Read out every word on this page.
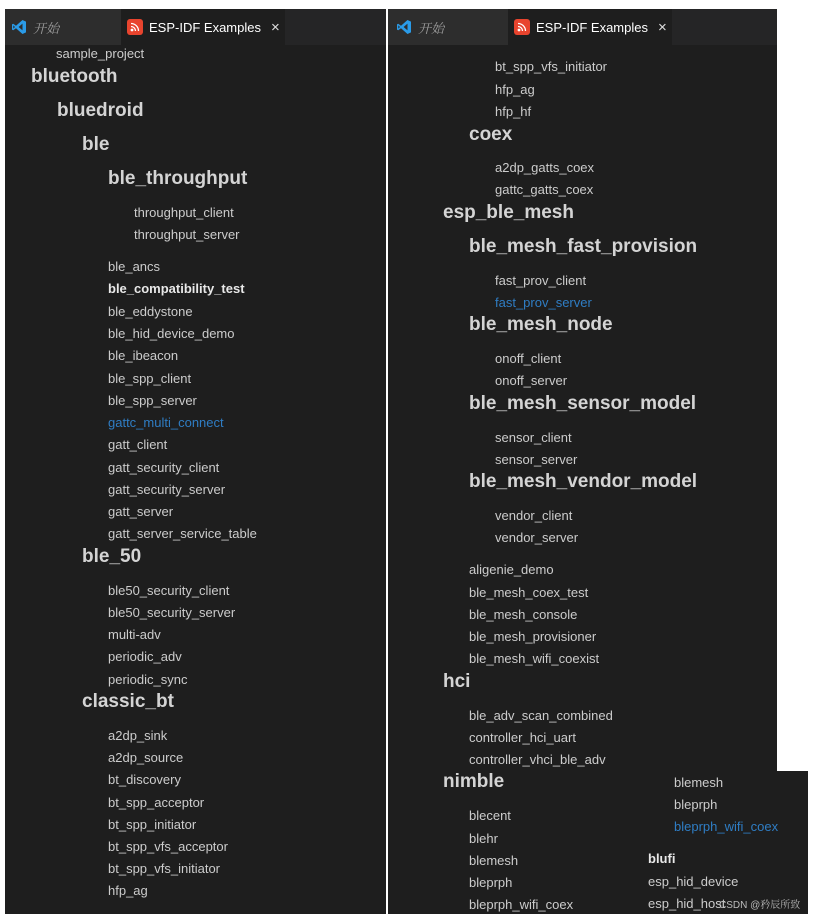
开始	ESP-IDF Examples ×
sample_project
bluetooth
bluedroid
ble
ble_throughput
throughput_client
throughput_server
ble_ancs
ble_compatibility_test
ble_eddystone
ble_hid_device_demo
ble_ibeacon
ble_spp_client
ble_spp_server
gattc_multi_connect
gatt_client
gatt_security_client
gatt_security_server
gatt_server
gatt_server_service_table
ble_50
ble50_security_client
ble50_security_server
multi-adv
periodic_adv
periodic_sync
classic_bt
a2dp_sink
a2dp_source
bt_discovery
bt_spp_acceptor
bt_spp_initiator
bt_spp_vfs_acceptor
bt_spp_vfs_initiator
hfp_ag
开始	ESP-IDF Examples ×
bt_spp_vfs_initiator
hfp_ag
hfp_hf
coex
a2dp_gatts_coex
gattc_gatts_coex
esp_ble_mesh
ble_mesh_fast_provision
fast_prov_client
fast_prov_server
ble_mesh_node
onoff_client
onoff_server
ble_mesh_sensor_model
sensor_client
sensor_server
ble_mesh_vendor_model
vendor_client
vendor_server
aligenie_demo
ble_mesh_coex_test
ble_mesh_console
ble_mesh_provisioner
ble_mesh_wifi_coexist
hci
ble_adv_scan_combined
controller_hci_uart
controller_vhci_ble_adv
nimble
blecent
blehr
blemesh
bleprph
bleprph_wifi_coex
blemesh
bleprph
bleprph_wifi_coex
blufi
esp_hid_device
esp_hid_host
CSDN @矜辰所致
